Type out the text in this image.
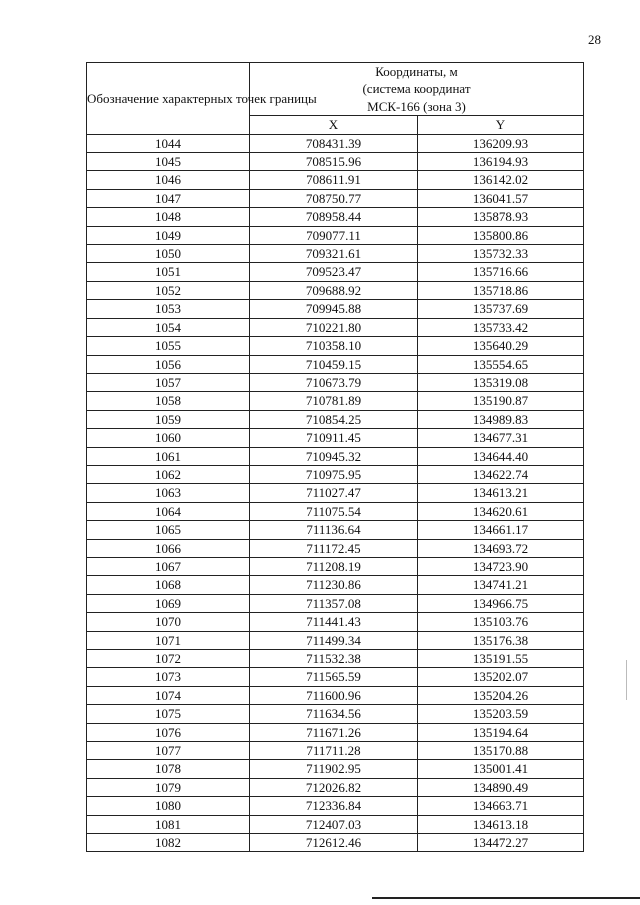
28
Обозначение характерных точек границы	Координаты, м
(система координат
МСК-166 (зона 3)	

	X	Y
1044	708431.39	136209.93
1045	708515.96	136194.93
1046	708611.91	136142.02
1047	708750.77	136041.57
1048	708958.44	135878.93
1049	709077.11	135800.86
1050	709321.61	135732.33
1051	709523.47	135716.66
1052	709688.92	135718.86
1053	709945.88	135737.69
1054	710221.80	135733.42
1055	710358.10	135640.29
1056	710459.15	135554.65
1057	710673.79	135319.08
1058	710781.89	135190.87
1059	710854.25	134989.83
1060	710911.45	134677.31
1061	710945.32	134644.40
1062	710975.95	134622.74
1063	711027.47	134613.21
1064	711075.54	134620.61
1065	711136.64	134661.17
1066	711172.45	134693.72
1067	711208.19	134723.90
1068	711230.86	134741.21
1069	711357.08	134966.75
1070	711441.43	135103.76
1071	711499.34	135176.38
1072	711532.38	135191.55
1073	711565.59	135202.07
1074	711600.96	135204.26
1075	711634.56	135203.59
1076	711671.26	135194.64
1077	711711.28	135170.88
1078	711902.95	135001.41
1079	712026.82	134890.49
1080	712336.84	134663.71
1081	712407.03	134613.18
1082	712612.46	134472.27
